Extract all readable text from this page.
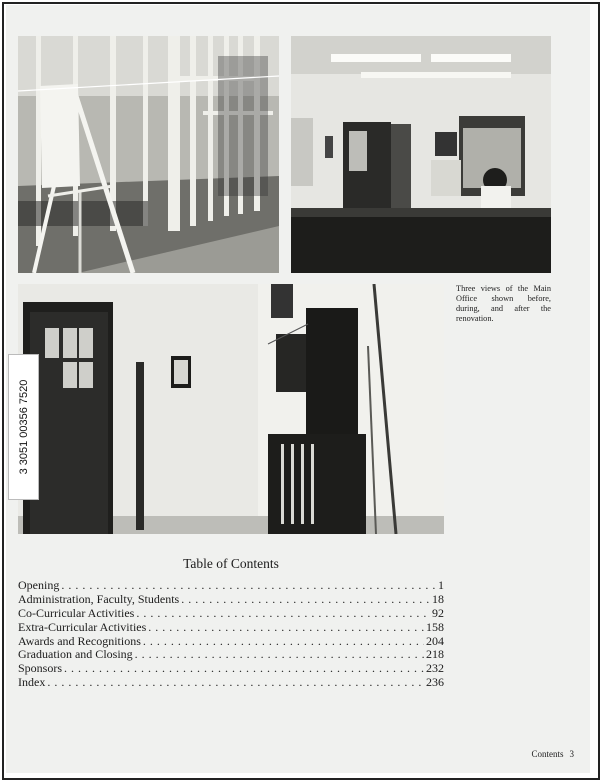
3 3051 00356 7520
Three views of the Main Office shown before, during, and after the renovation.
Table of Contents
Opening . . .	1
Administration, Faculty, Students . . .	18
Co-Curricular Activities . . .	92
Extra-Curricular Activities . . .	158
Awards and Recognitions . . .	204
Graduation and Closing . . .	218
Sponsors . . .	232
Index . . .	236
Contents 3
